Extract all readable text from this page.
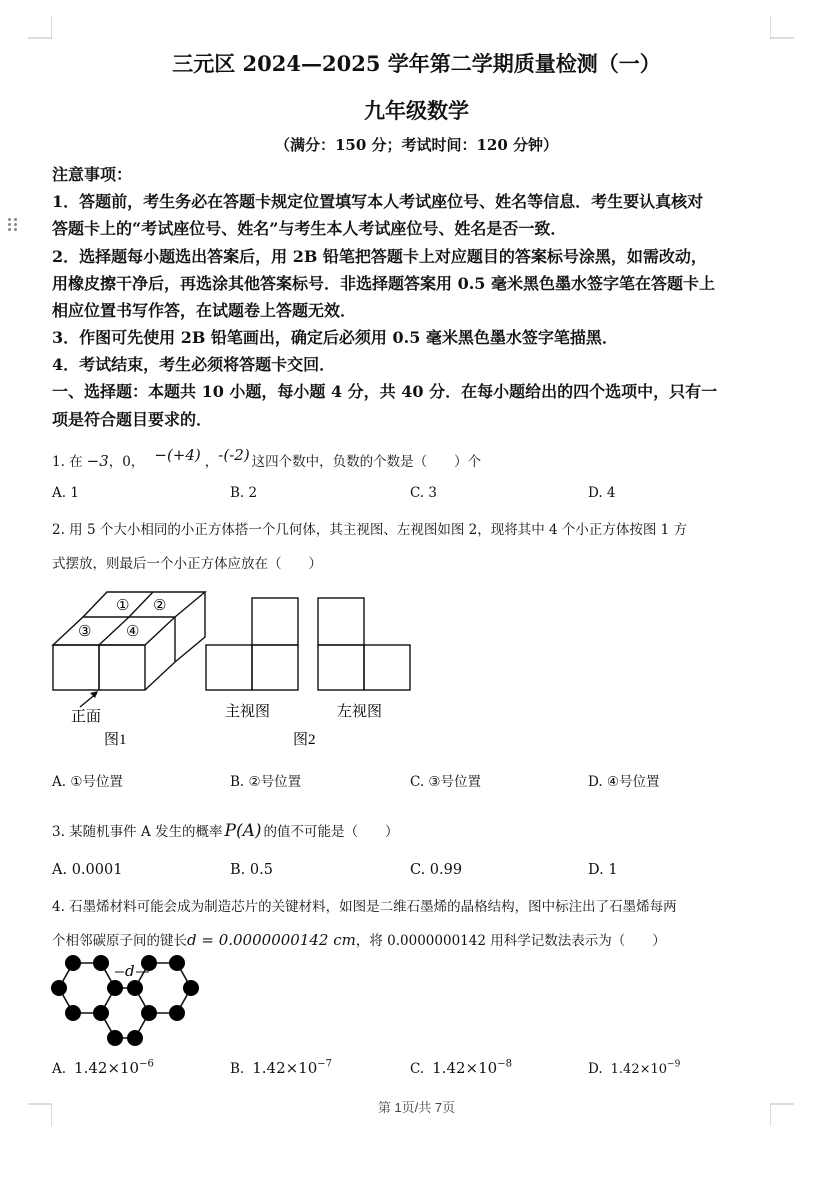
三元区 2024—2025 学年第二学期质量检测（一）
九年级数学
（满分：150 分；考试时间：120 分钟）
注意事项：
1．答题前，考生务必在答题卡规定位置填写本人考试座位号、姓名等信息．考生要认真核对
答题卡上的“考试座位号、姓名”与考生本人考试座位号、姓名是否一致．
2．选择题每小题选出答案后，用 2B 铅笔把答题卡上对应题目的答案标号涂黑，如需改动，
用橡皮擦干净后，再选涂其他答案标号．非选择题答案用 0.5 毫米黑色墨水签字笔在答题卡上
相应位置书写作答，在试题卷上答题无效．
3．作图可先使用 2B 铅笔画出，确定后必须用 0.5 毫米黑色墨水签字笔描黑．
4．考试结束，考生必须将答题卡交回．
一、选择题：本题共 10 小题，每小题 4 分，共 40 分．在每小题给出的四个选项中，只有一
项是符合题目要求的．
1. 在 −3，0， −(+4) ，-(-2) 这四个数中，负数的个数是（　　）个
A. 1	B. 2	C. 3	D. 4
2. 用 5 个大小相同的小正方体搭一个几何体，其主视图、左视图如图 2，现将其中 4 个小正方体按图 1 方
式摆放，则最后一个小正方体应放在（　　）
① ②
③ ④
正面
图1
主视图	左视图
图2
A. ①号位置	B. ②号位置	C. ③号位置	D. ④号位置
3. 某随机事件 A 发生的概率 P(A) 的值不可能是（　　）
A. 0.0001	B. 0.5	C. 0.99	D. 1
4. 石墨烯材料可能会成为制造芯片的关键材料，如图是二维石墨烯的晶格结构，图中标注出了石墨烯每两
个相邻碳原子间的键长d = 0.0000000142 cm，将 0.0000000142 用科学记数法表示为（　　）
d
A. $1.42\times 10^{-6}$	B. $1.42\times 10^{-7}$	C. $1.42\times 10^{-8}$	D. $1.42\times 10^{-9}$
第 1页/共 7页
